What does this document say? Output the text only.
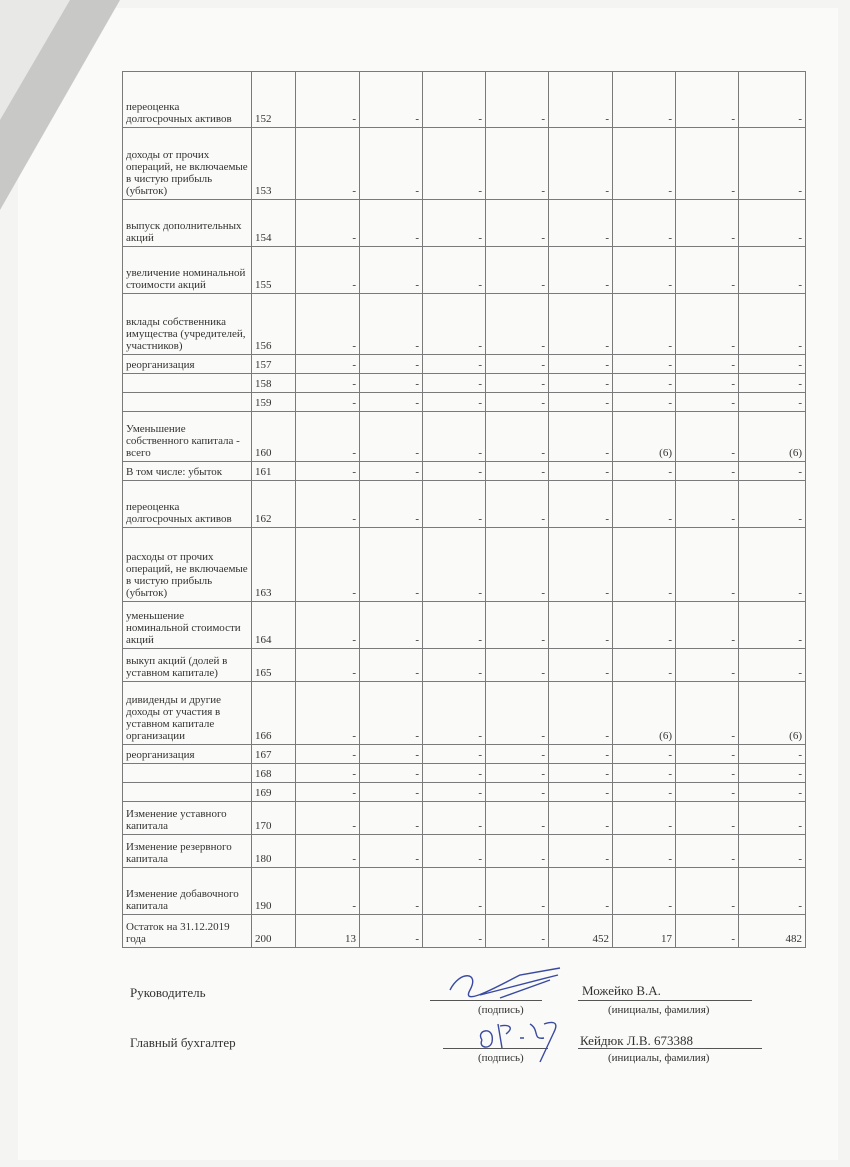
переоценка долгосрочных активов	152	-	-	-	-	-	-	-	-
доходы от прочих операций, не включаемые в чистую прибыль (убыток)	153	-	-	-	-	-	-	-	-
выпуск дополнительных акций	154	-	-	-	-	-	-	-	-
увеличение номинальной стоимости акций	155	-	-	-	-	-	-	-	-
вклады собственника имущества (учредителей, участников)	156	-	-	-	-	-	-	-	-
реорганизация	157	-	-	-	-	-	-	-	-
	158	-	-	-	-	-	-	-	-
	159	-	-	-	-	-	-	-	-
Уменьшение собственного капитала - всего	160	-	-	-	-	-	(6)	-	(6)
В том числе: убыток	161	-	-	-	-	-	-	-	-
переоценка долгосрочных активов	162	-	-	-	-	-	-	-	-
расходы от прочих операций, не включаемые в чистую прибыль (убыток)	163	-	-	-	-	-	-	-	-
уменьшение номинальной стоимости акций	164	-	-	-	-	-	-	-	-
выкуп акций (долей в уставном капитале)	165	-	-	-	-	-	-	-	-
дивиденды и другие доходы от участия в уставном капитале организации	166	-	-	-	-	-	(6)	-	(6)
реорганизация	167	-	-	-	-	-	-	-	-
	168	-	-	-	-	-	-	-	-
	169	-	-	-	-	-	-	-	-
Изменение уставного капитала	170	-	-	-	-	-	-	-	-
Изменение резервного капитала	180	-	-	-	-	-	-	-	-
Изменение добавочного капитала	190	-	-	-	-	-	-	-	-
Остаток на 31.12.2019 года	200	13	-	-	-	452	17	-	482
Руководитель	Можейко В.А.
(подпись)	(инициалы, фамилия)
Главный бухгалтер	Кейдюк Л.В. 673388
(подпись)	(инициалы, фамилия)
